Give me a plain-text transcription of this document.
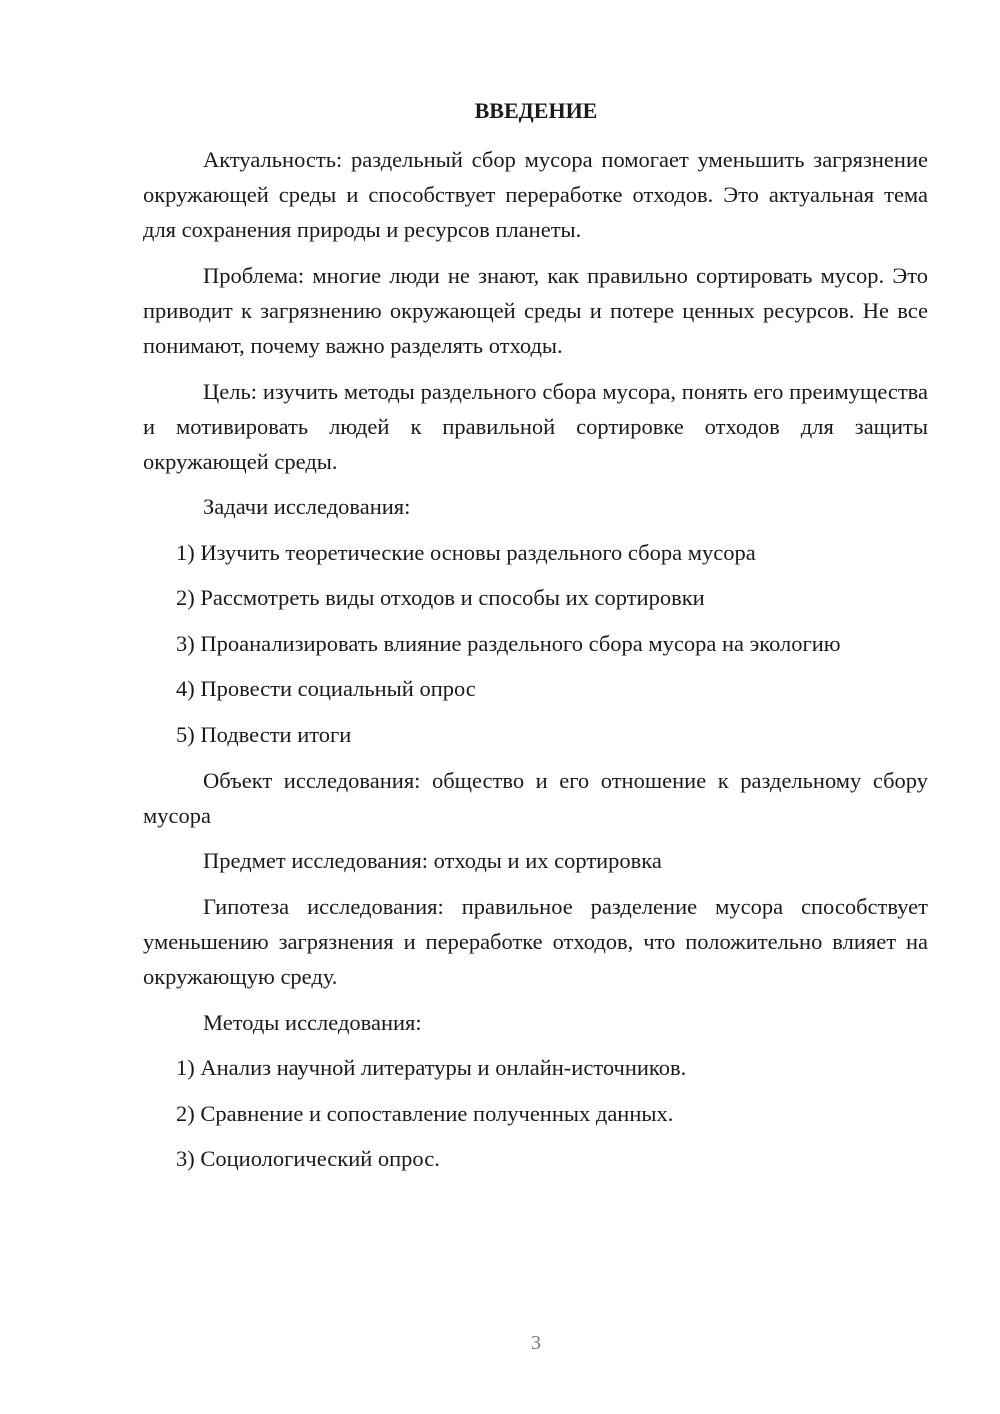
ВВЕДЕНИЕ

Актуальность: раздельный сбор мусора помогает уменьшить загрязнение окружающей среды и способствует переработке отходов. Это актуальная тема для сохранения природы и ресурсов планеты.

Проблема: многие люди не знают, как правильно сортировать мусор. Это приводит к загрязнению окружающей среды и потере ценных ресурсов. Не все понимают, почему важно разделять отходы.

Цель: изучить методы раздельного сбора мусора, понять его преимущества и мотивировать людей к правильной сортировке отходов для защиты окружающей среды.

Задачи исследования:

1) Изучить теоретические основы раздельного сбора мусора

2) Рассмотреть виды отходов и способы их сортировки

3) Проанализировать влияние раздельного сбора мусора на экологию

4) Провести социальный опрос

5) Подвести итоги

Объект исследования: общество и его отношение к раздельному сбору мусора

Предмет исследования: отходы и их сортировка

Гипотеза исследования: правильное разделение мусора способствует уменьшению загрязнения и переработке отходов, что положительно влияет на окружающую среду.

Методы исследования:

1) Анализ научной литературы и онлайн-источников.

2) Сравнение и сопоставление полученных данных.

3) Социологический опрос.

3
